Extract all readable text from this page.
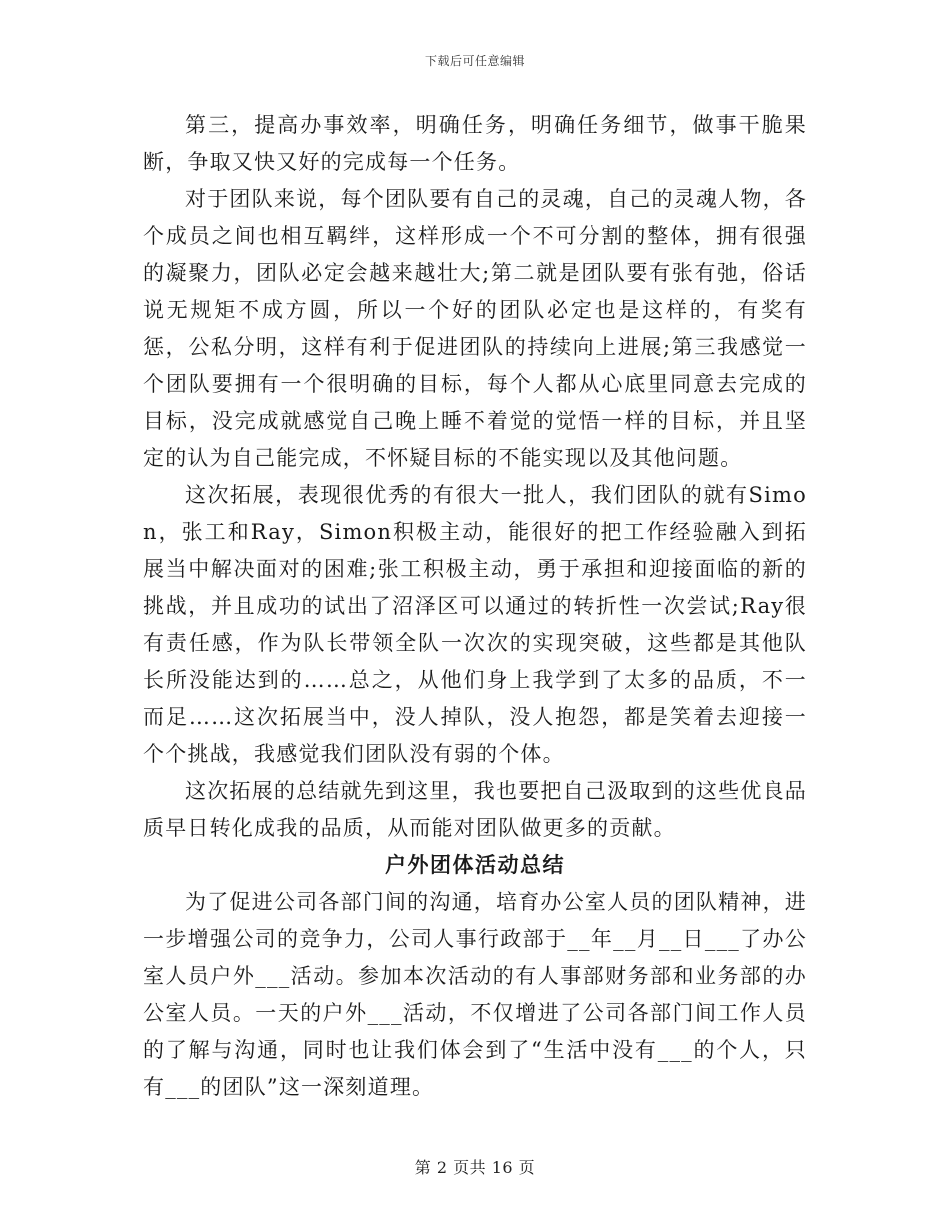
下载后可任意编辑

第三，提高办事效率，明确任务，明确任务细节，做事干脆果断，争取又快又好的完成每一个任务。

对于团队来说，每个团队要有自己的灵魂，自己的灵魂人物，各个成员之间也相互羁绊，这样形成一个不可分割的整体，拥有很强的凝聚力，团队必定会越来越壮大;第二就是团队要有张有弛，俗话说无规矩不成方圆，所以一个好的团队必定也是这样的，有奖有惩，公私分明，这样有利于促进团队的持续向上进展;第三我感觉一个团队要拥有一个很明确的目标，每个人都从心底里同意去完成的目标，没完成就感觉自己晚上睡不着觉的觉悟一样的目标，并且坚定的认为自己能完成，不怀疑目标的不能实现以及其他问题。

这次拓展，表现很优秀的有很大一批人，我们团队的就有Simon，张工和Ray，Simon积极主动，能很好的把工作经验融入到拓展当中解决面对的困难;张工积极主动，勇于承担和迎接面临的新的挑战，并且成功的试出了沼泽区可以通过的转折性一次尝试;Ray很有责任感，作为队长带领全队一次次的实现突破，这些都是其他队长所没能达到的……总之，从他们身上我学到了太多的品质，不一而足……这次拓展当中，没人掉队，没人抱怨，都是笑着去迎接一个个挑战，我感觉我们团队没有弱的个体。

这次拓展的总结就先到这里，我也要把自己汲取到的这些优良品质早日转化成我的品质，从而能对团队做更多的贡献。

户外团体活动总结

为了促进公司各部门间的沟通，培育办公室人员的团队精神，进一步增强公司的竞争力，公司人事行政部于__年__月__日___了办公室人员户外___活动。参加本次活动的有人事部财务部和业务部的办公室人员。一天的户外___活动，不仅增进了公司各部门间工作人员的了解与沟通，同时也让我们体会到了“生活中没有___的个人，只有___的团队”这一深刻道理。

第 2 页共 16 页
